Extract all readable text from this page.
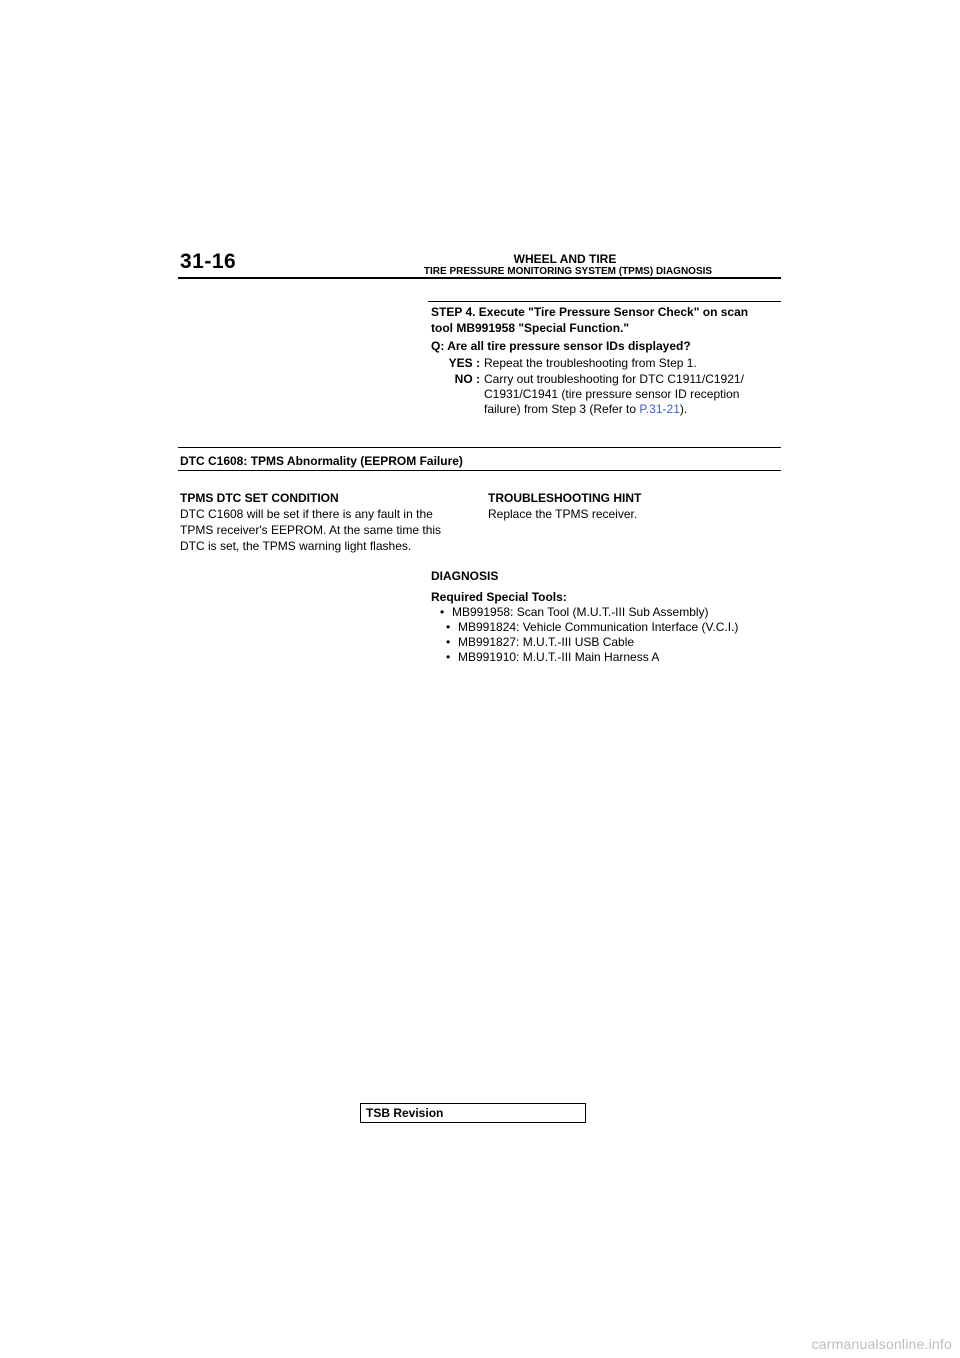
31-16	WHEEL AND TIRE
TIRE PRESSURE MONITORING SYSTEM (TPMS) DIAGNOSIS
STEP 4. Execute "Tire Pressure Sensor Check" on scan
tool MB991958 "Special Function."
Q: Are all tire pressure sensor IDs displayed?
YES : Repeat the troubleshooting from Step 1.
NO : Carry out troubleshooting for DTC C1911/C1921/
C1931/C1941 (tire pressure sensor ID reception
failure) from Step 3 (Refer to P.31-21).
DTC C1608: TPMS Abnormality (EEPROM Failure)
TPMS DTC SET CONDITION
DTC C1608 will be set if there is any fault in the
TPMS receiver's EEPROM. At the same time this
DTC is set, the TPMS warning light flashes.
TROUBLESHOOTING HINT
Replace the TPMS receiver.
DIAGNOSIS
Required Special Tools:
• MB991958: Scan Tool (M.U.T.-III Sub Assembly)
• MB991824: Vehicle Communication Interface (V.C.I.)
• MB991827: M.U.T.-III USB Cable
• MB991910: M.U.T.-III Main Harness A
TSB Revision
carmanualsonline.info
